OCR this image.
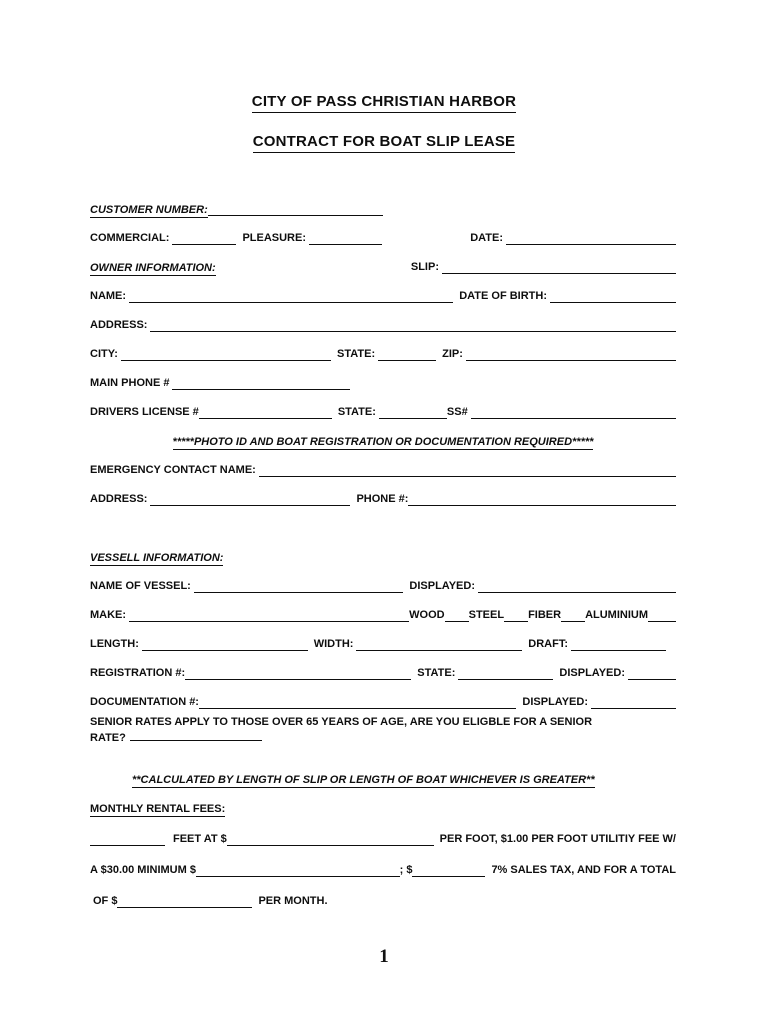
CITY OF PASS CHRISTIAN HARBOR
CONTRACT FOR BOAT SLIP LEASE
CUSTOMER NUMBER:
COMMERCIAL:	PLEASURE:	DATE:
OWNER INFORMATION:	SLIP:
NAME:	DATE OF BIRTH:
ADDRESS:
CITY:	STATE:	ZIP:
MAIN PHONE #
DRIVERS LICENSE #	STATE:	SS#
*****PHOTO ID AND BOAT REGISTRATION OR DOCUMENTATION REQUIRED*****
EMERGENCY CONTACT NAME:
ADDRESS:	PHONE #:
VESSELL INFORMATION:
NAME OF VESSEL:	DISPLAYED:
MAKE:	WOOD STEEL FIBER ALUMINIUM
LENGTH:	WIDTH:	DRAFT:
REGISTRATION #:	STATE:	DISPLAYED:
DOCUMENTATION #:	DISPLAYED:
SENIOR RATES APPLY TO THOSE OVER 65 YEARS OF AGE, ARE YOU ELIGBLE FOR A SENIOR
RATE?
**CALCULATED BY LENGTH OF SLIP OR LENGTH OF BOAT WHICHEVER IS GREATER**
MONTHLY RENTAL FEES:
FEET AT $	PER FOOT, $1.00 PER FOOT UTILITIY FEE W/
A $30.00 MINIMUM $	; $	7% SALES TAX, AND FOR A TOTAL
OF $	PER MONTH.
1
